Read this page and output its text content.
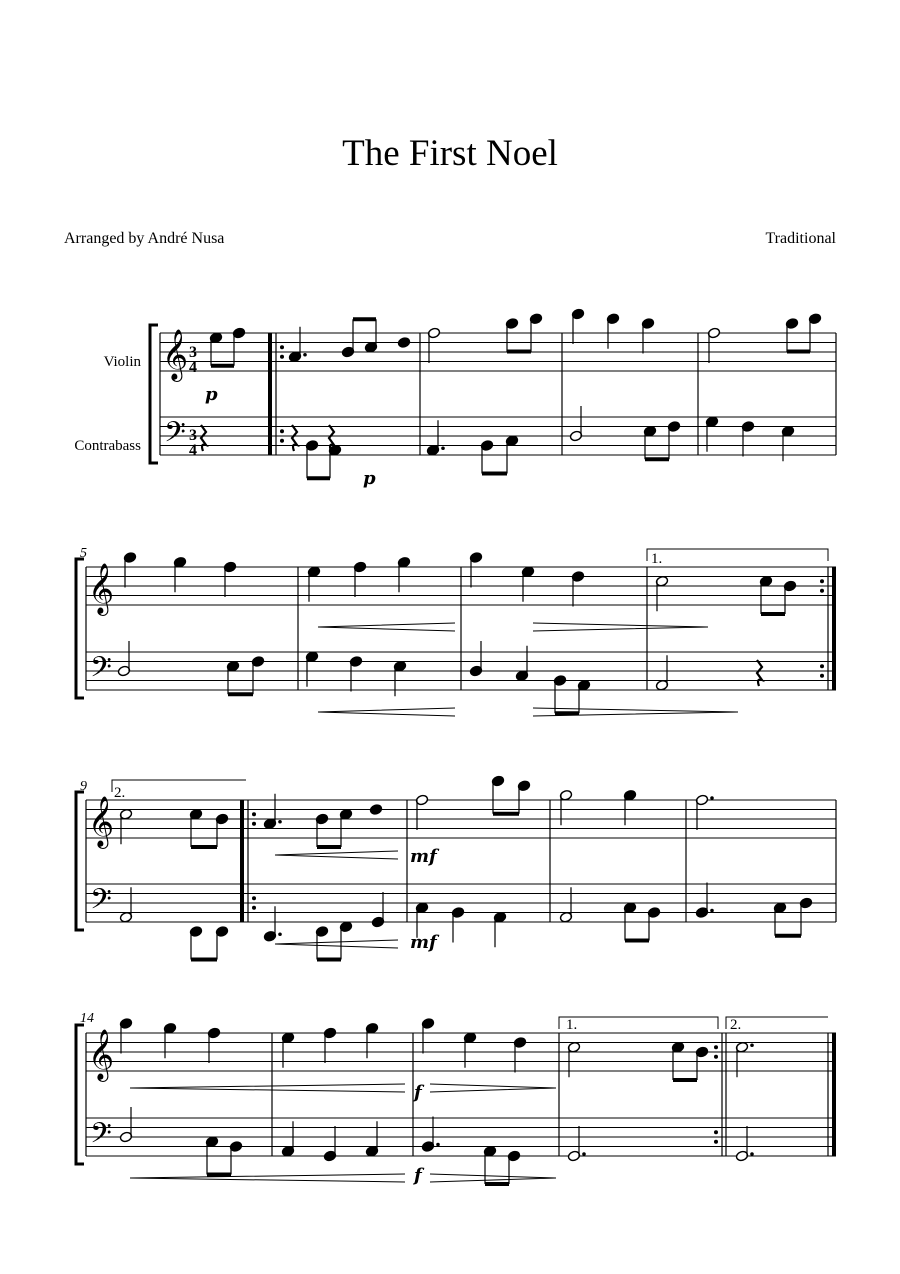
The First Noel
Arranged by André Nusa	Traditional
𝄞
𝄢
𝄞
𝄢
𝄞
𝄢
𝄞
𝄢
Violin
Contrabass
3
4
3
4
5
9
14
1.
2.
1.	2.
p
p
mf
mf
f
f
